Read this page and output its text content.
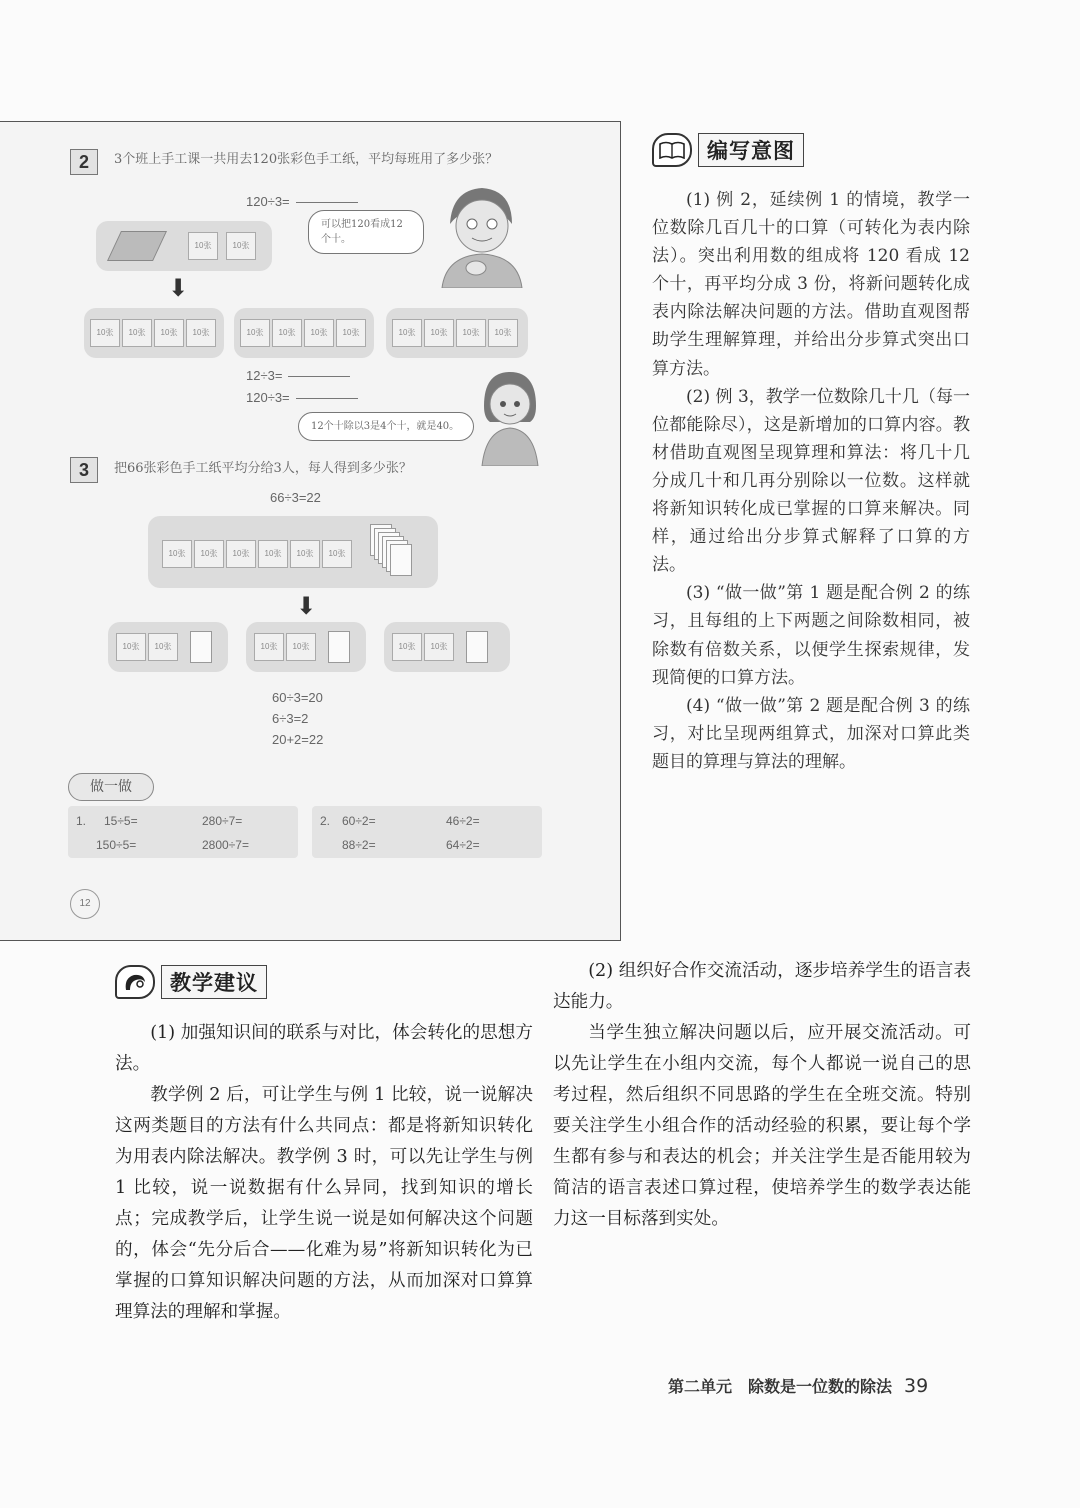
2	3个班上手工课一共用去120张彩色手工纸，平均每班用了多少张？
120÷3=
10张	10张
可以把120看成12个十。
⬇
10张	10张	10张	10张	10张	10张	10张	10张	10张	10张	10张	10张
12÷3=
120÷3=
12个十除以3是4个十，就是40。
3	把66张彩色手工纸平均分给3人，每人得到多少张？
66÷3=22
10张	10张	10张	10张	10张	10张
⬇
10张	10张	10张	10张	10张	10张
60÷3=20
6÷3=2
20+2=22
做一做
1. 15÷5=	280÷7=
150÷5=	2800÷7=
2. 60÷2=	46÷2=
88÷2=	64÷2=
12
编写意图

(1) 例 2，延续例 1 的情境，教学一位数除几百几十的口算（可转化为表内除法）。突出利用数的组成将 120 看成 12 个十，再平均分成 3 份，将新问题转化成表内除法解决问题的方法。借助直观图帮助学生理解算理，并给出分步算式突出口算方法。

(2) 例 3，教学一位数除几十几（每一位都能除尽），这是新增加的口算内容。教材借助直观图呈现算理和算法：将几十几分成几十和几再分别除以一位数。这样就将新知识转化成已掌握的口算来解决。同样，通过给出分步算式解释了口算的方法。

(3) “做一做”第 1 题是配合例 2 的练习，且每组的上下两题之间除数相同，被除数有倍数关系，以便学生探索规律，发现简便的口算方法。

(4) “做一做”第 2 题是配合例 3 的练习，对比呈现两组算式，加深对口算此类题目的算理与算法的理解。

教学建议

(1) 加强知识间的联系与对比，体会转化的思想方法。

教学例 2 后，可让学生与例 1 比较，说一说解决这两类题目的方法有什么共同点：都是将新知识转化为用表内除法解决。教学例 3 时，可以先让学生与例 1 比较，说一说数据有什么异同，找到知识的增长点；完成教学后，让学生说一说是如何解决这个问题的，体会“先分后合——化难为易”将新知识转化为已掌握的口算知识解决问题的方法，从而加深对口算算理算法的理解和掌握。

(2) 组织好合作交流活动，逐步培养学生的语言表达能力。

当学生独立解决问题以后，应开展交流活动。可以先让学生在小组内交流，每个人都说一说自己的思考过程，然后组织不同思路的学生在全班交流。特别要关注学生小组合作的活动经验的积累，要让每个学生都有参与和表达的机会；并关注学生是否能用较为简洁的语言表述口算过程，使培养学生的数学表达能力这一目标落到实处。

第二单元　除数是一位数的除法 39
